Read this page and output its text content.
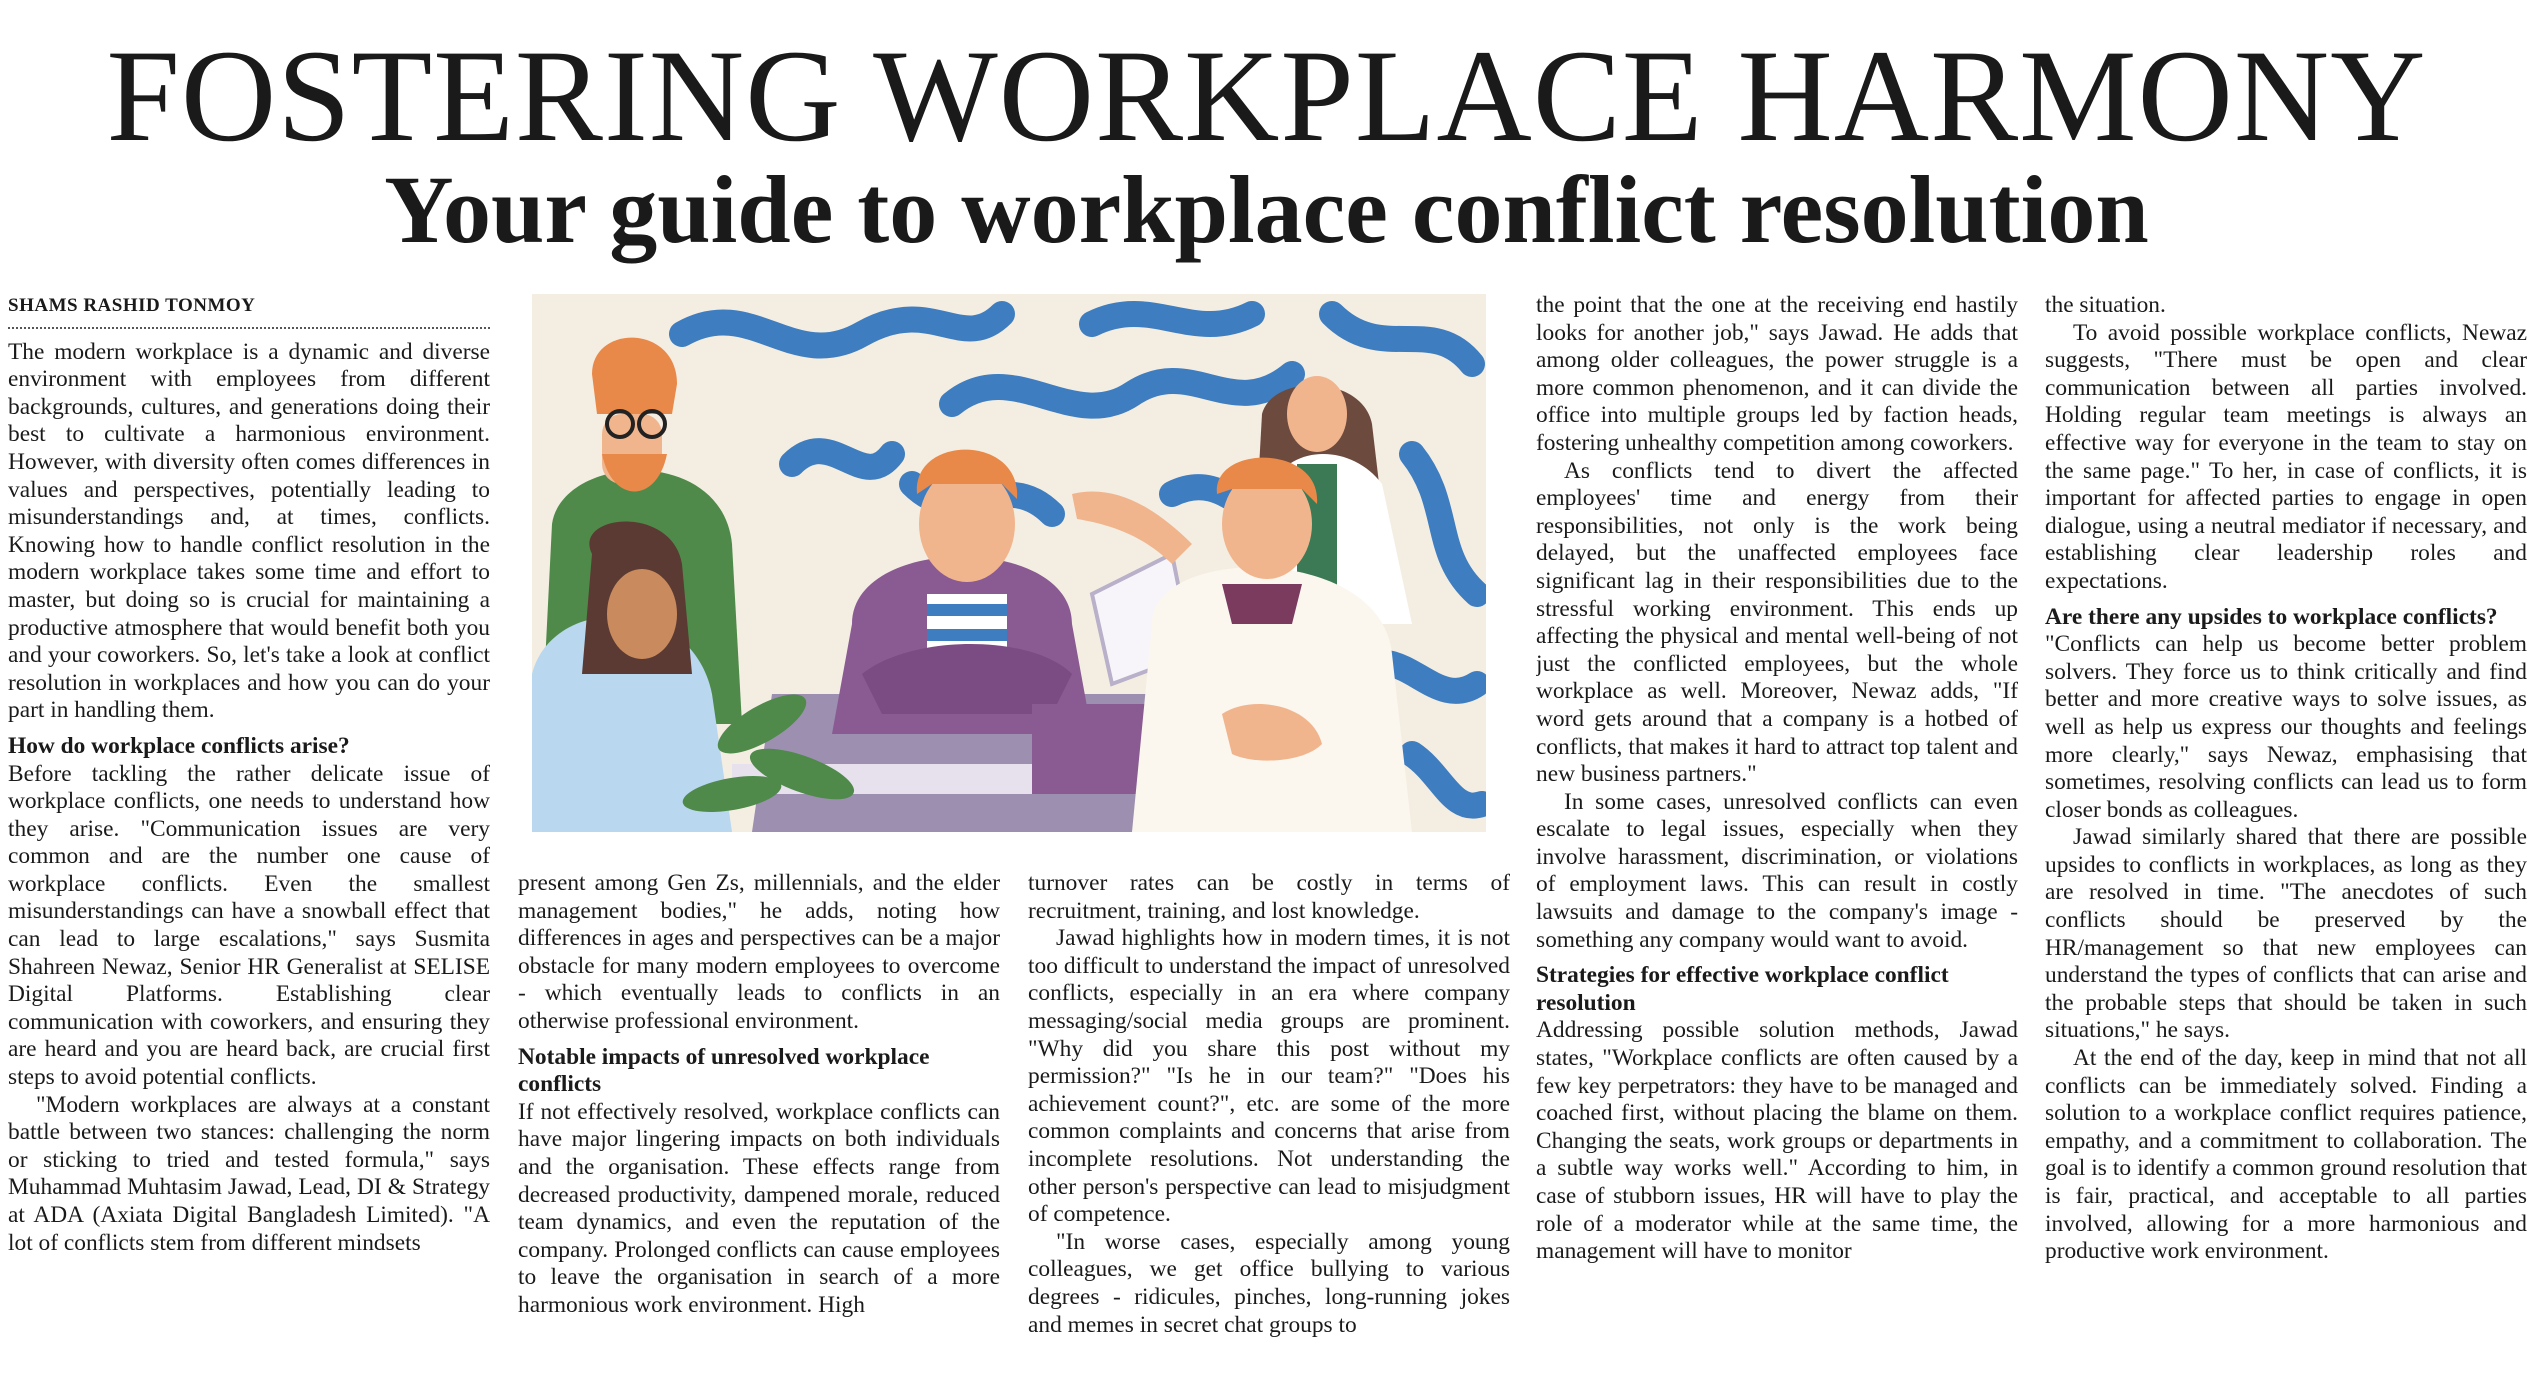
FOSTERING WORKPLACE HARMONY
Your guide to workplace conflict resolution
SHAMS RASHID TONMOY

The modern workplace is a dynamic and diverse environment with employees from different backgrounds, cultures, and generations doing their best to cultivate a harmonious environment. However, with diversity often comes differences in values and perspectives, potentially leading to misunderstandings and, at times, conflicts. Knowing how to handle conflict resolution in the modern workplace takes some time and effort to master, but doing so is crucial for maintaining a productive atmosphere that would benefit both you and your coworkers. So, let's take a look at conflict resolution in workplaces and how you can do your part in handling them.

How do workplace conflicts arise?

Before tackling the rather delicate issue of workplace conflicts, one needs to understand how they arise. "Communication issues are very common and are the number one cause of workplace conflicts. Even the smallest misunderstandings can have a snowball effect that can lead to large escalations," says Susmita Shahreen Newaz, Senior HR Generalist at SELISE Digital Platforms. Establishing clear communication with coworkers, and ensuring they are heard and you are heard back, are crucial first steps to avoid potential conflicts.

"Modern workplaces are always at a constant battle between two stances: challenging the norm or sticking to tried and tested formula," says Muhammad Muhtasim Jawad, Lead, DI & Strategy at ADA (Axiata Digital Bangladesh Limited). "A lot of conflicts stem from different mindsets

present among Gen Zs, millennials, and the elder management bodies," he adds, noting how differences in ages and perspectives can be a major obstacle for many modern employees to overcome - which eventually leads to conflicts in an otherwise professional environment.

Notable impacts of unresolved workplace conflicts

If not effectively resolved, workplace conflicts can have major lingering impacts on both individuals and the organisation. These effects range from decreased productivity, dampened morale, reduced team dynamics, and even the reputation of the company. Prolonged conflicts can cause employees to leave the organisation in search of a more harmonious work environment. High

turnover rates can be costly in terms of recruitment, training, and lost knowledge.

Jawad highlights how in modern times, it is not too difficult to understand the impact of unresolved conflicts, especially in an era where company messaging/social media groups are prominent. "Why did you share this post without my permission?" "Is he in our team?" "Does his achievement count?", etc. are some of the more common complaints and concerns that arise from incomplete resolutions. Not understanding the other person's perspective can lead to misjudgment of competence.

"In worse cases, especially among young colleagues, we get office bullying to various degrees - ridicules, pinches, long-running jokes and memes in secret chat groups to

the point that the one at the receiving end hastily looks for another job," says Jawad. He adds that among older colleagues, the power struggle is a more common phenomenon, and it can divide the office into multiple groups led by faction heads, fostering unhealthy competition among coworkers.

As conflicts tend to divert the affected employees' time and energy from their responsibilities, not only is the work being delayed, but the unaffected employees face significant lag in their responsibilities due to the stressful working environment. This ends up affecting the physical and mental well-being of not just the conflicted employees, but the whole workplace as well. Moreover, Newaz adds, "If word gets around that a company is a hotbed of conflicts, that makes it hard to attract top talent and new business partners."

In some cases, unresolved conflicts can even escalate to legal issues, especially when they involve harassment, discrimination, or violations of employment laws. This can result in costly lawsuits and damage to the company's image - something any company would want to avoid.

Strategies for effective workplace conflict resolution

Addressing possible solution methods, Jawad states, "Workplace conflicts are often caused by a few key perpetrators: they have to be managed and coached first, without placing the blame on them. Changing the seats, work groups or departments in a subtle way works well." According to him, in case of stubborn issues, HR will have to play the role of a moderator while at the same time, the management will have to monitor

the situation.

To avoid possible workplace conflicts, Newaz suggests, "There must be open and clear communication between all parties involved. Holding regular team meetings is always an effective way for everyone in the team to stay on the same page." To her, in case of conflicts, it is important for affected parties to engage in open dialogue, using a neutral mediator if necessary, and establishing clear leadership roles and expectations.

Are there any upsides to workplace conflicts?

"Conflicts can help us become better problem solvers. They force us to think critically and find better and more creative ways to solve issues, as well as help us express our thoughts and feelings more clearly," says Newaz, emphasising that sometimes, resolving conflicts can lead us to form closer bonds as colleagues.

Jawad similarly shared that there are possible upsides to conflicts in workplaces, as long as they are resolved in time. "The anecdotes of such conflicts should be preserved by the HR/management so that new employees can understand the types of conflicts that can arise and the probable steps that should be taken in such situations," he says.

At the end of the day, keep in mind that not all conflicts can be immediately solved. Finding a solution to a workplace conflict requires patience, empathy, and a commitment to collaboration. The goal is to identify a common ground resolution that is fair, practical, and acceptable to all parties involved, allowing for a more harmonious and productive work environment.
